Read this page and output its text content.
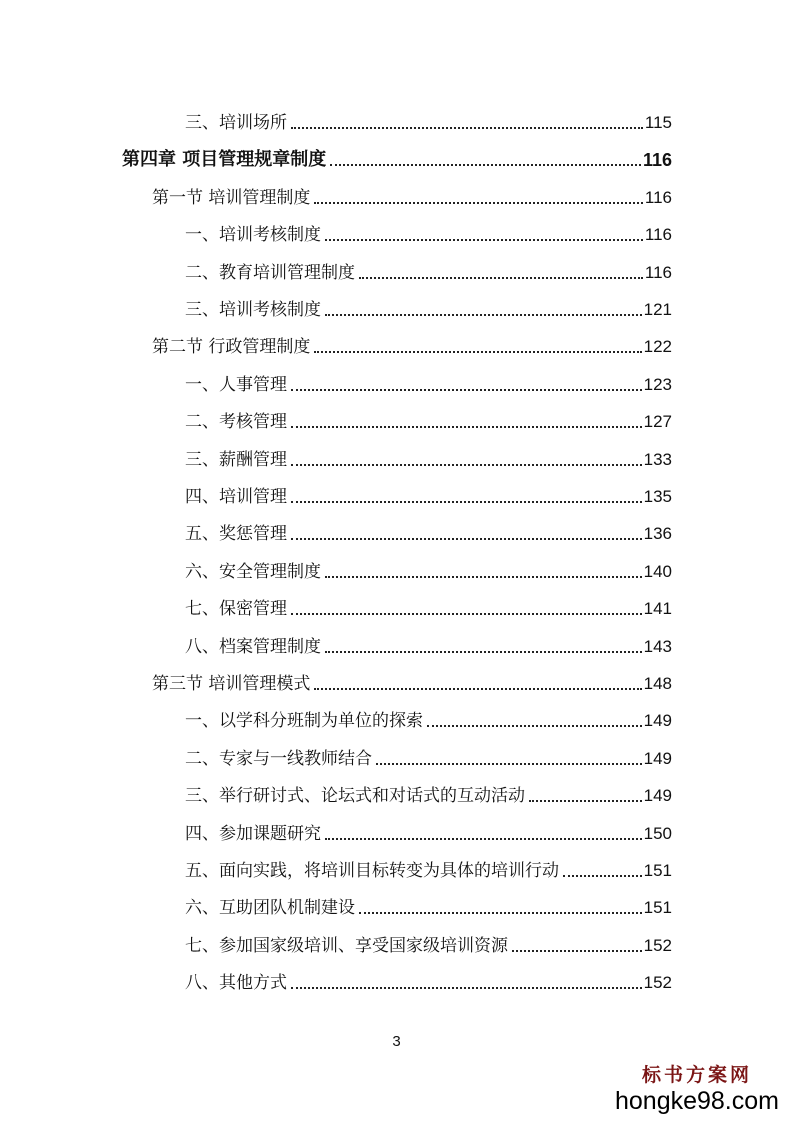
三、培训场所	115
第四章 项目管理规章制度	116
第一节 培训管理制度	116
一、培训考核制度	116
二、教育培训管理制度	116
三、培训考核制度	121
第二节 行政管理制度	122
一、人事管理	123
二、考核管理	127
三、薪酬管理	133
四、培训管理	135
五、奖惩管理	136
六、安全管理制度	140
七、保密管理	141
八、档案管理制度	143
第三节 培训管理模式	148
一、以学科分班制为单位的探索	149
二、专家与一线教师结合	149
三、举行研讨式、论坛式和对话式的互动活动	149
四、参加课题研究	150
五、面向实践，将培训目标转变为具体的培训行动	151
六、互助团队机制建设	151
七、参加国家级培训、享受国家级培训资源	152
八、其他方式	152
3
标书方案网
hongke98.com
